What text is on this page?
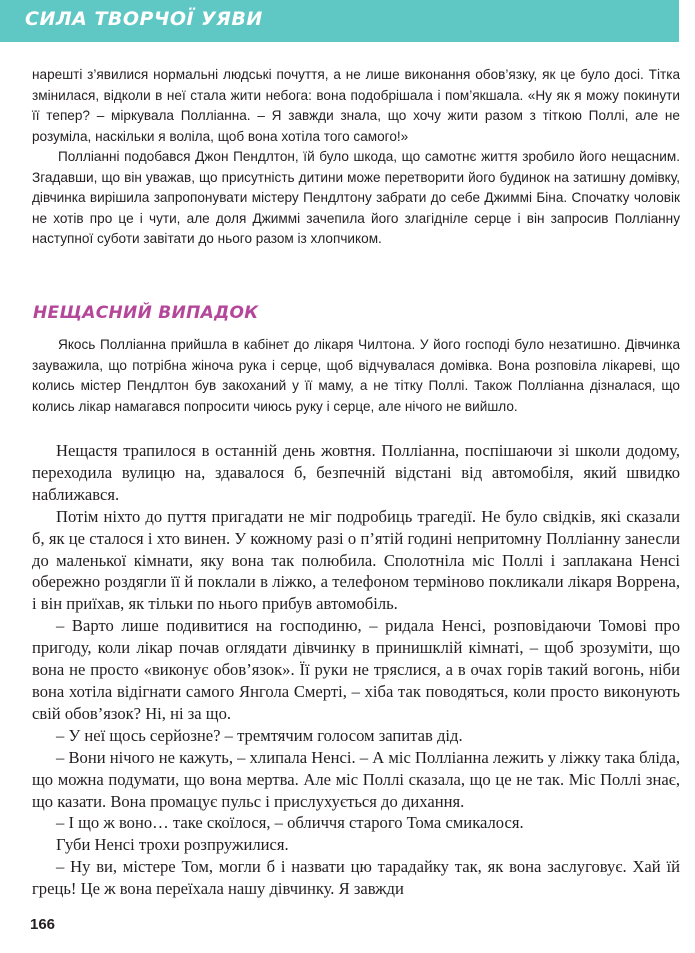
СИЛА ТВОРЧОЇ УЯВИ

нарешті з’явилися нормальні людські почуття, а не лише виконання обов’язку, як це було досі. Тітка змінилася, відколи в неї стала жити небога: вона подобрішала і пом’якшала. «Ну як я можу покинути її тепер? – міркувала Полліанна. – Я завжди знала, що хочу жити разом з тіткою Поллі, але не розуміла, наскільки я воліла, щоб вона хотіла того самого!»

Полліанні подобався Джон Пендлтон, їй було шкода, що самотнє життя зробило його нещасним. Згадавши, що він уважав, що присутність дитини може перетворити його будинок на затишну домівку, дівчинка вирішила запропонувати містеру Пендлтону забрати до себе Джиммі Біна. Спочатку чоловік не хотів про це і чути, але доля Джиммі зачепила його злагіднiле серце і він запросив Полліанну наступної суботи завітати до нього разом із хлопчиком.

НЕЩАСНИЙ ВИПАДОК

Якось Полліанна прийшла в кабінет до лікаря Чилтона. У його господі було незатишно. Дівчинка зауважила, що потрібна жіноча рука і серце, щоб відчувалася домівка. Вона розповіла лікареві, що колись містер Пендлтон був закоханий у її маму, а не тітку Поллі. Також Полліанна дізналася, що колись лікар намагався попросити чиюсь руку і серце, але нічого не вийшло.

Нещастя трапилося в останній день жовтня. Полліанна, поспішаючи зі школи додому, переходила вулицю на, здавалося б, безпечній відстані від автомобіля, який швидко наближався.

Потім ніхто до пуття пригадати не міг подробиць трагедії. Не було свідків, які сказали б, як це сталося і хто винен. У кожному разі о п’ятій годині непритомну Полліанну занесли до маленької кімнати, яку вона так полюбила. Сполотніла міс Поллі і заплакана Ненсі обережно роздягли її й поклали в ліжко, а телефоном терміново покликали лікаря Воррена, і він приїхав, як тільки по нього прибув автомобіль.

– Варто лише подивитися на господиню, – ридала Ненсі, розповідаючи Томові про пригоду, коли лікар почав оглядати дівчинку в принишклій кімнаті, – щоб зрозуміти, що вона не просто «виконує обов’язок». Її руки не тряслися, а в очах горів такий вогонь, ніби вона хотіла відігнати самого Янгола Смерті, – хіба так поводяться, коли просто виконують свій обов’язок? Ні, ні за що.

– У неї щось серйозне? – тремтячим голосом запитав дід.

– Вони нічого не кажуть, – хлипала Ненсі. – А міс Полліанна лежить у ліжку така бліда, що можна подумати, що вона мертва. Але міс Поллі сказала, що це не так. Міс Поллі знає, що казати. Вона промацує пульс і прислухується до дихання.

– І що ж воно… таке скоїлося, – обличчя старого Тома смикалося.

Губи Ненсі трохи розпружилися.

– Ну ви, містере Том, могли б і назвати цю тарадайку так, як вона заслуговує. Хай їй грець! Це ж вона переїхала нашу дівчинку. Я завжди

166
